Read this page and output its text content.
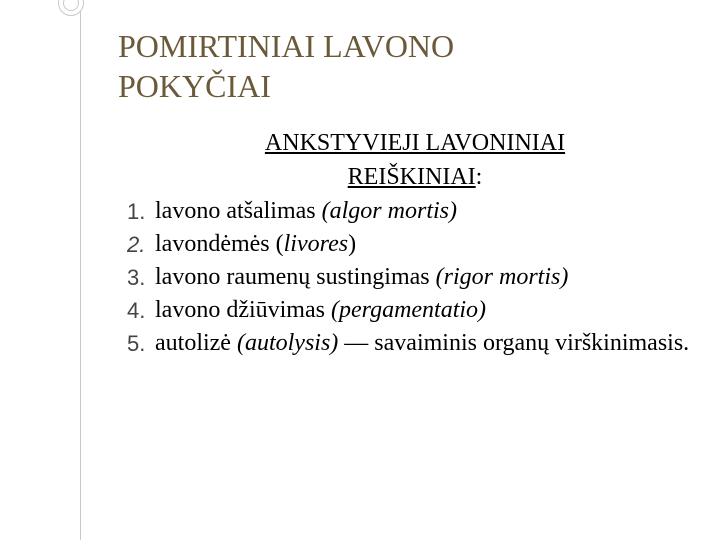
POMIRTINIAI LAVONO
POKYČIAI
ANKSTYVIEJI LAVONINIAI
REIŠKINIAI:
1. lavono atšalimas (algor mortis)
2. lavondėmės (livores)
3. lavono raumenų sustingimas (rigor mortis)
4. lavono džiūvimas (pergamentatio)
5. autolizė (autolysis) — savaiminis organų virškinimasis.
